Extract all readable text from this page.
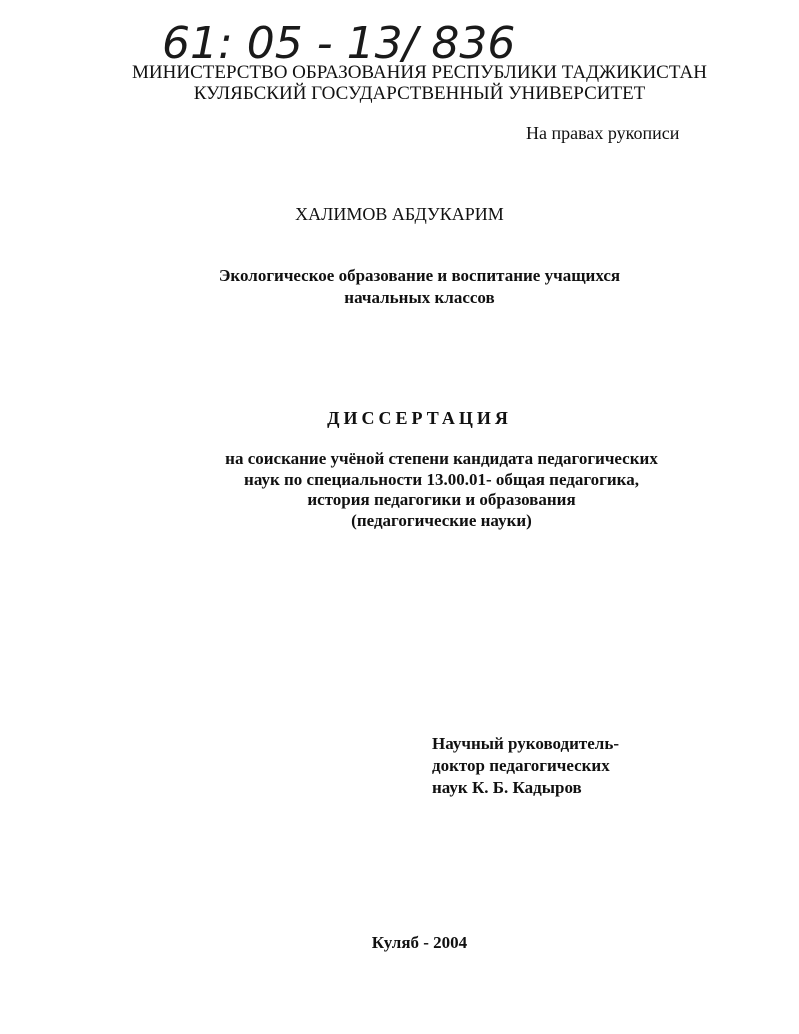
61: 05 - 13/ 836
МИНИСТЕРСТВО ОБРАЗОВАНИЯ РЕСПУБЛИКИ ТАДЖИКИСТАН
КУЛЯБСКИЙ ГОСУДАРСТВЕННЫЙ УНИВЕРСИТЕТ
На правах рукописи
ХАЛИМОВ АБДУКАРИМ
Экологическое образование и воспитание учащихся
начальных классов
ДИССЕРТАЦИЯ
на соискание учёной степени кандидата педагогических
наук по специальности 13.00.01- общая педагогика,
история педагогики и образования
(педагогические науки)
Научный руководитель-
доктор педагогических
наук К. Б. Кадыров
Куляб - 2004
